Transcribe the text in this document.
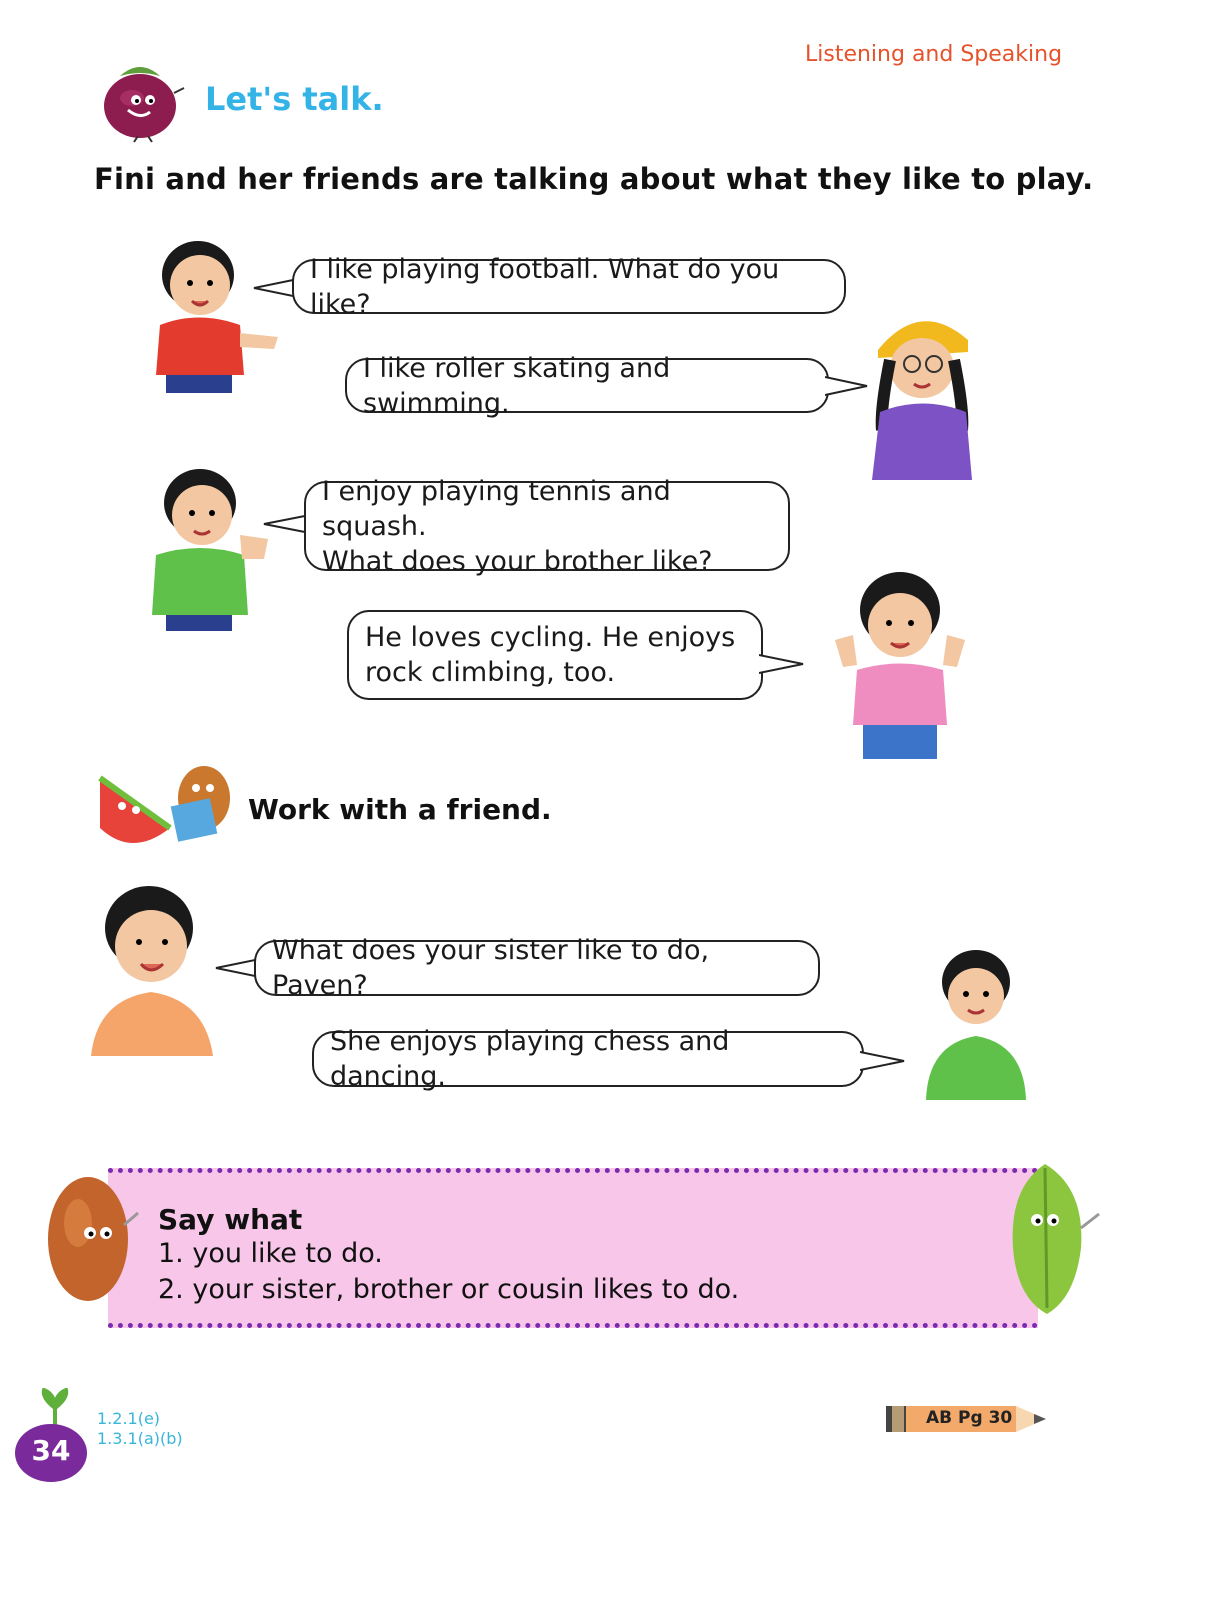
Listening and Speaking
Let's talk.
Fini and her friends are talking about what they like to play.
I like playing football. What do you like?
I like roller skating and swimming.
I enjoy playing tennis and squash.
What does your brother like?
He loves cycling. He enjoys
rock climbing, too.
Work with a friend.
What does your sister like to do, Paven?
She enjoys playing chess and dancing.
Say what
1. you like to do.
2. your sister, brother or cousin likes to do.
34
1.2.1(e)
1.3.1(a)(b)
AB Pg 30
